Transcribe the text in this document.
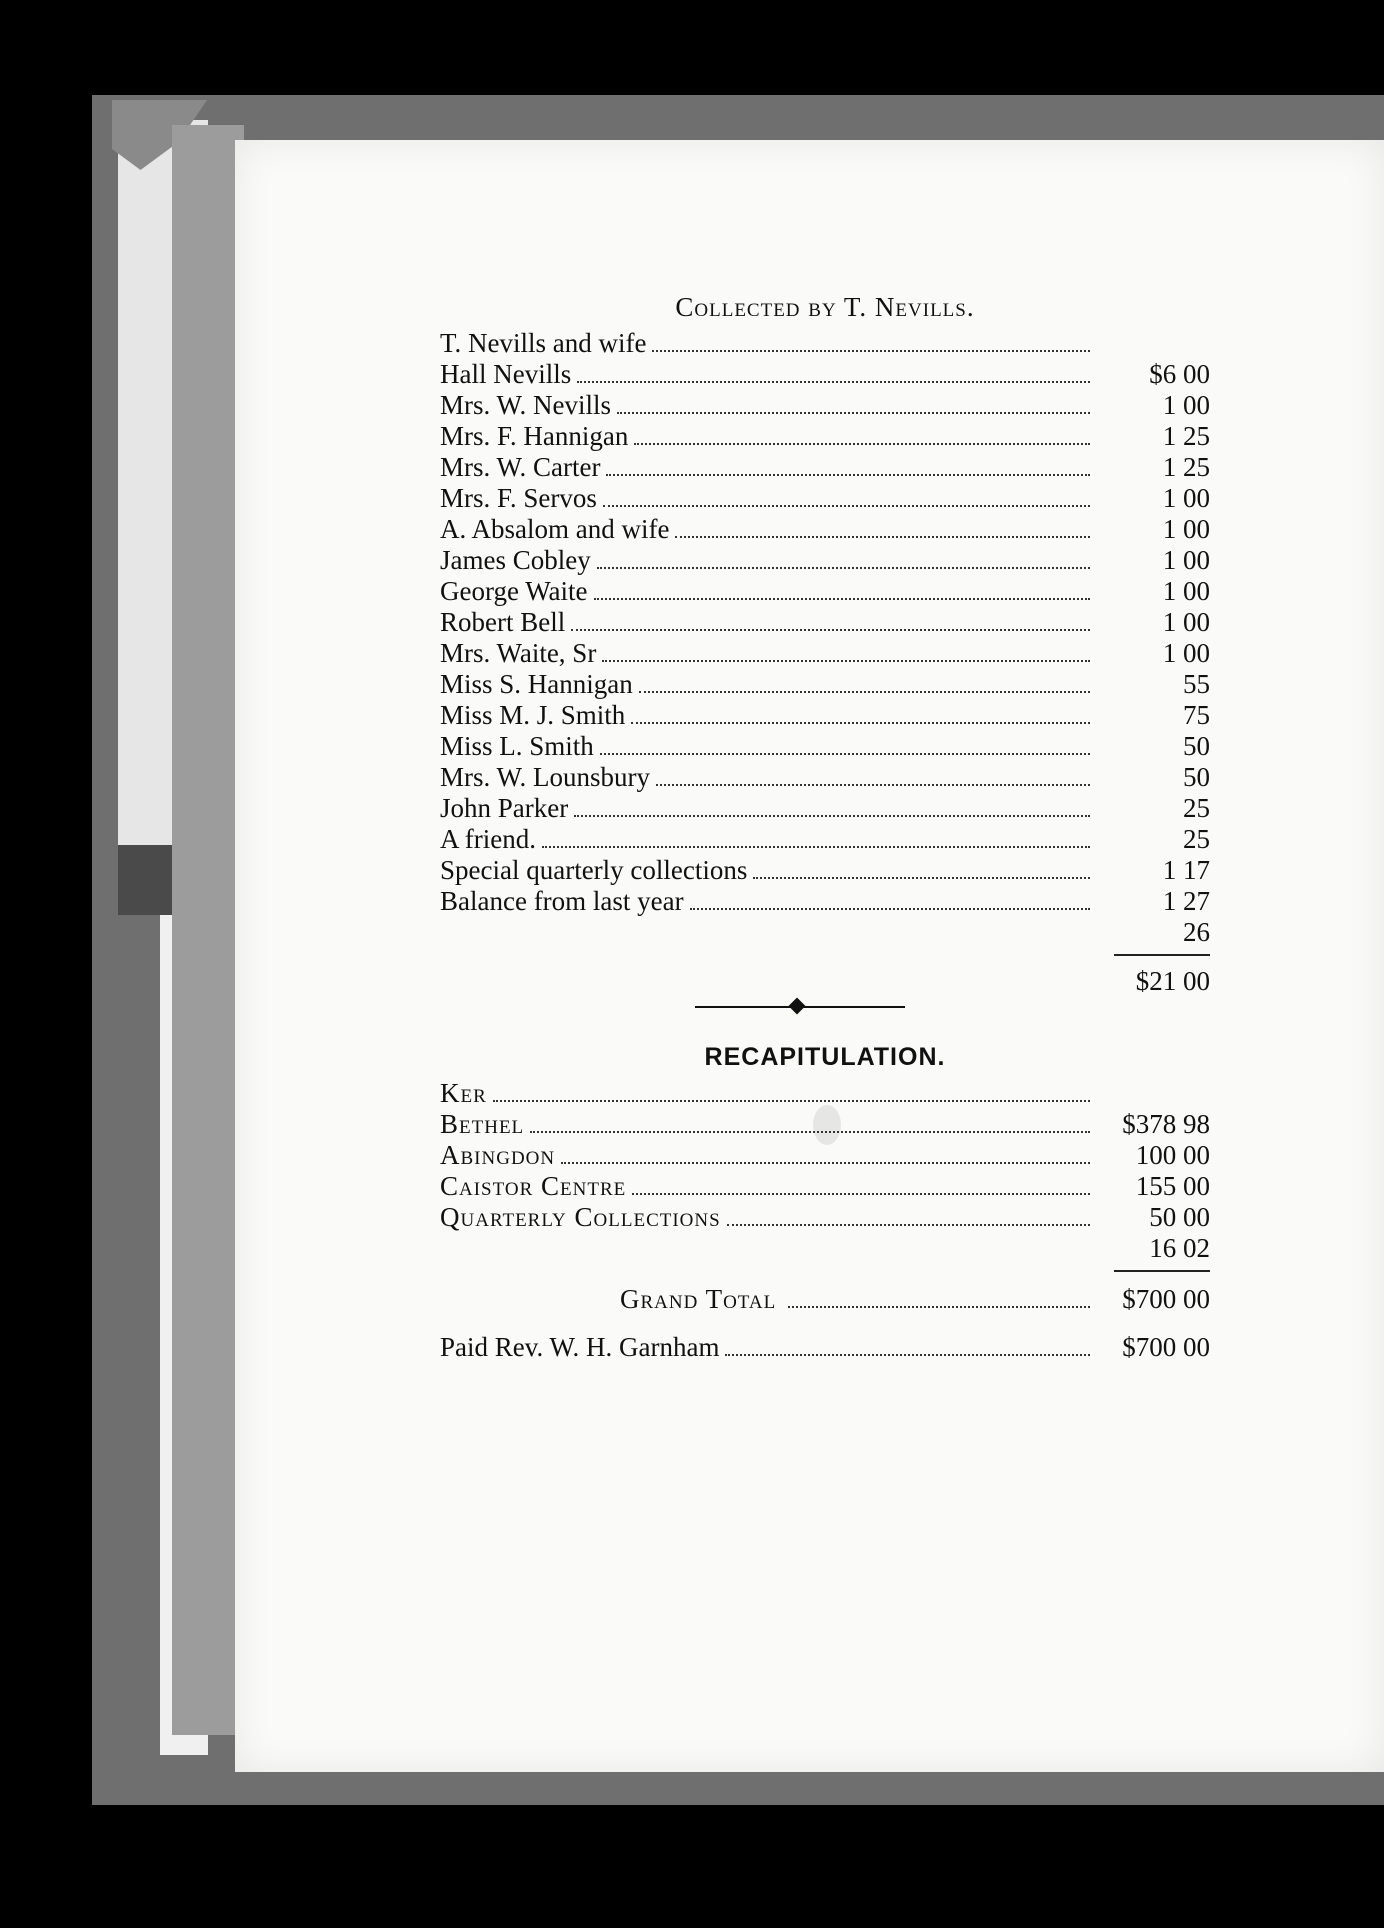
Collected by T. Nevills.
T. Nevills and wife
Hall Nevills	$6 00
Mrs. W. Nevills	1 00
Mrs. F. Hannigan	1 25
Mrs. W. Carter	1 25
Mrs. F. Servos	1 00
A. Absalom and wife	1 00
James Cobley	1 00
George Waite	1 00
Robert Bell	1 00
Mrs. Waite, Sr	1 00
Miss S. Hannigan	55
Miss M. J. Smith	75
Miss L. Smith	50
Mrs. W. Lounsbury	50
John Parker	25
A friend.	25
Special quarterly collections	1 17
Balance from last year	1 27
26
$21 00
RECAPITULATION.
Ker
Bethel	$378 98
Abingdon	100 00
Caistor Centre	155 00
Quarterly Collections	50 00
16 02
Grand Total	$700 00
Paid Rev. W. H. Garnham	$700 00
